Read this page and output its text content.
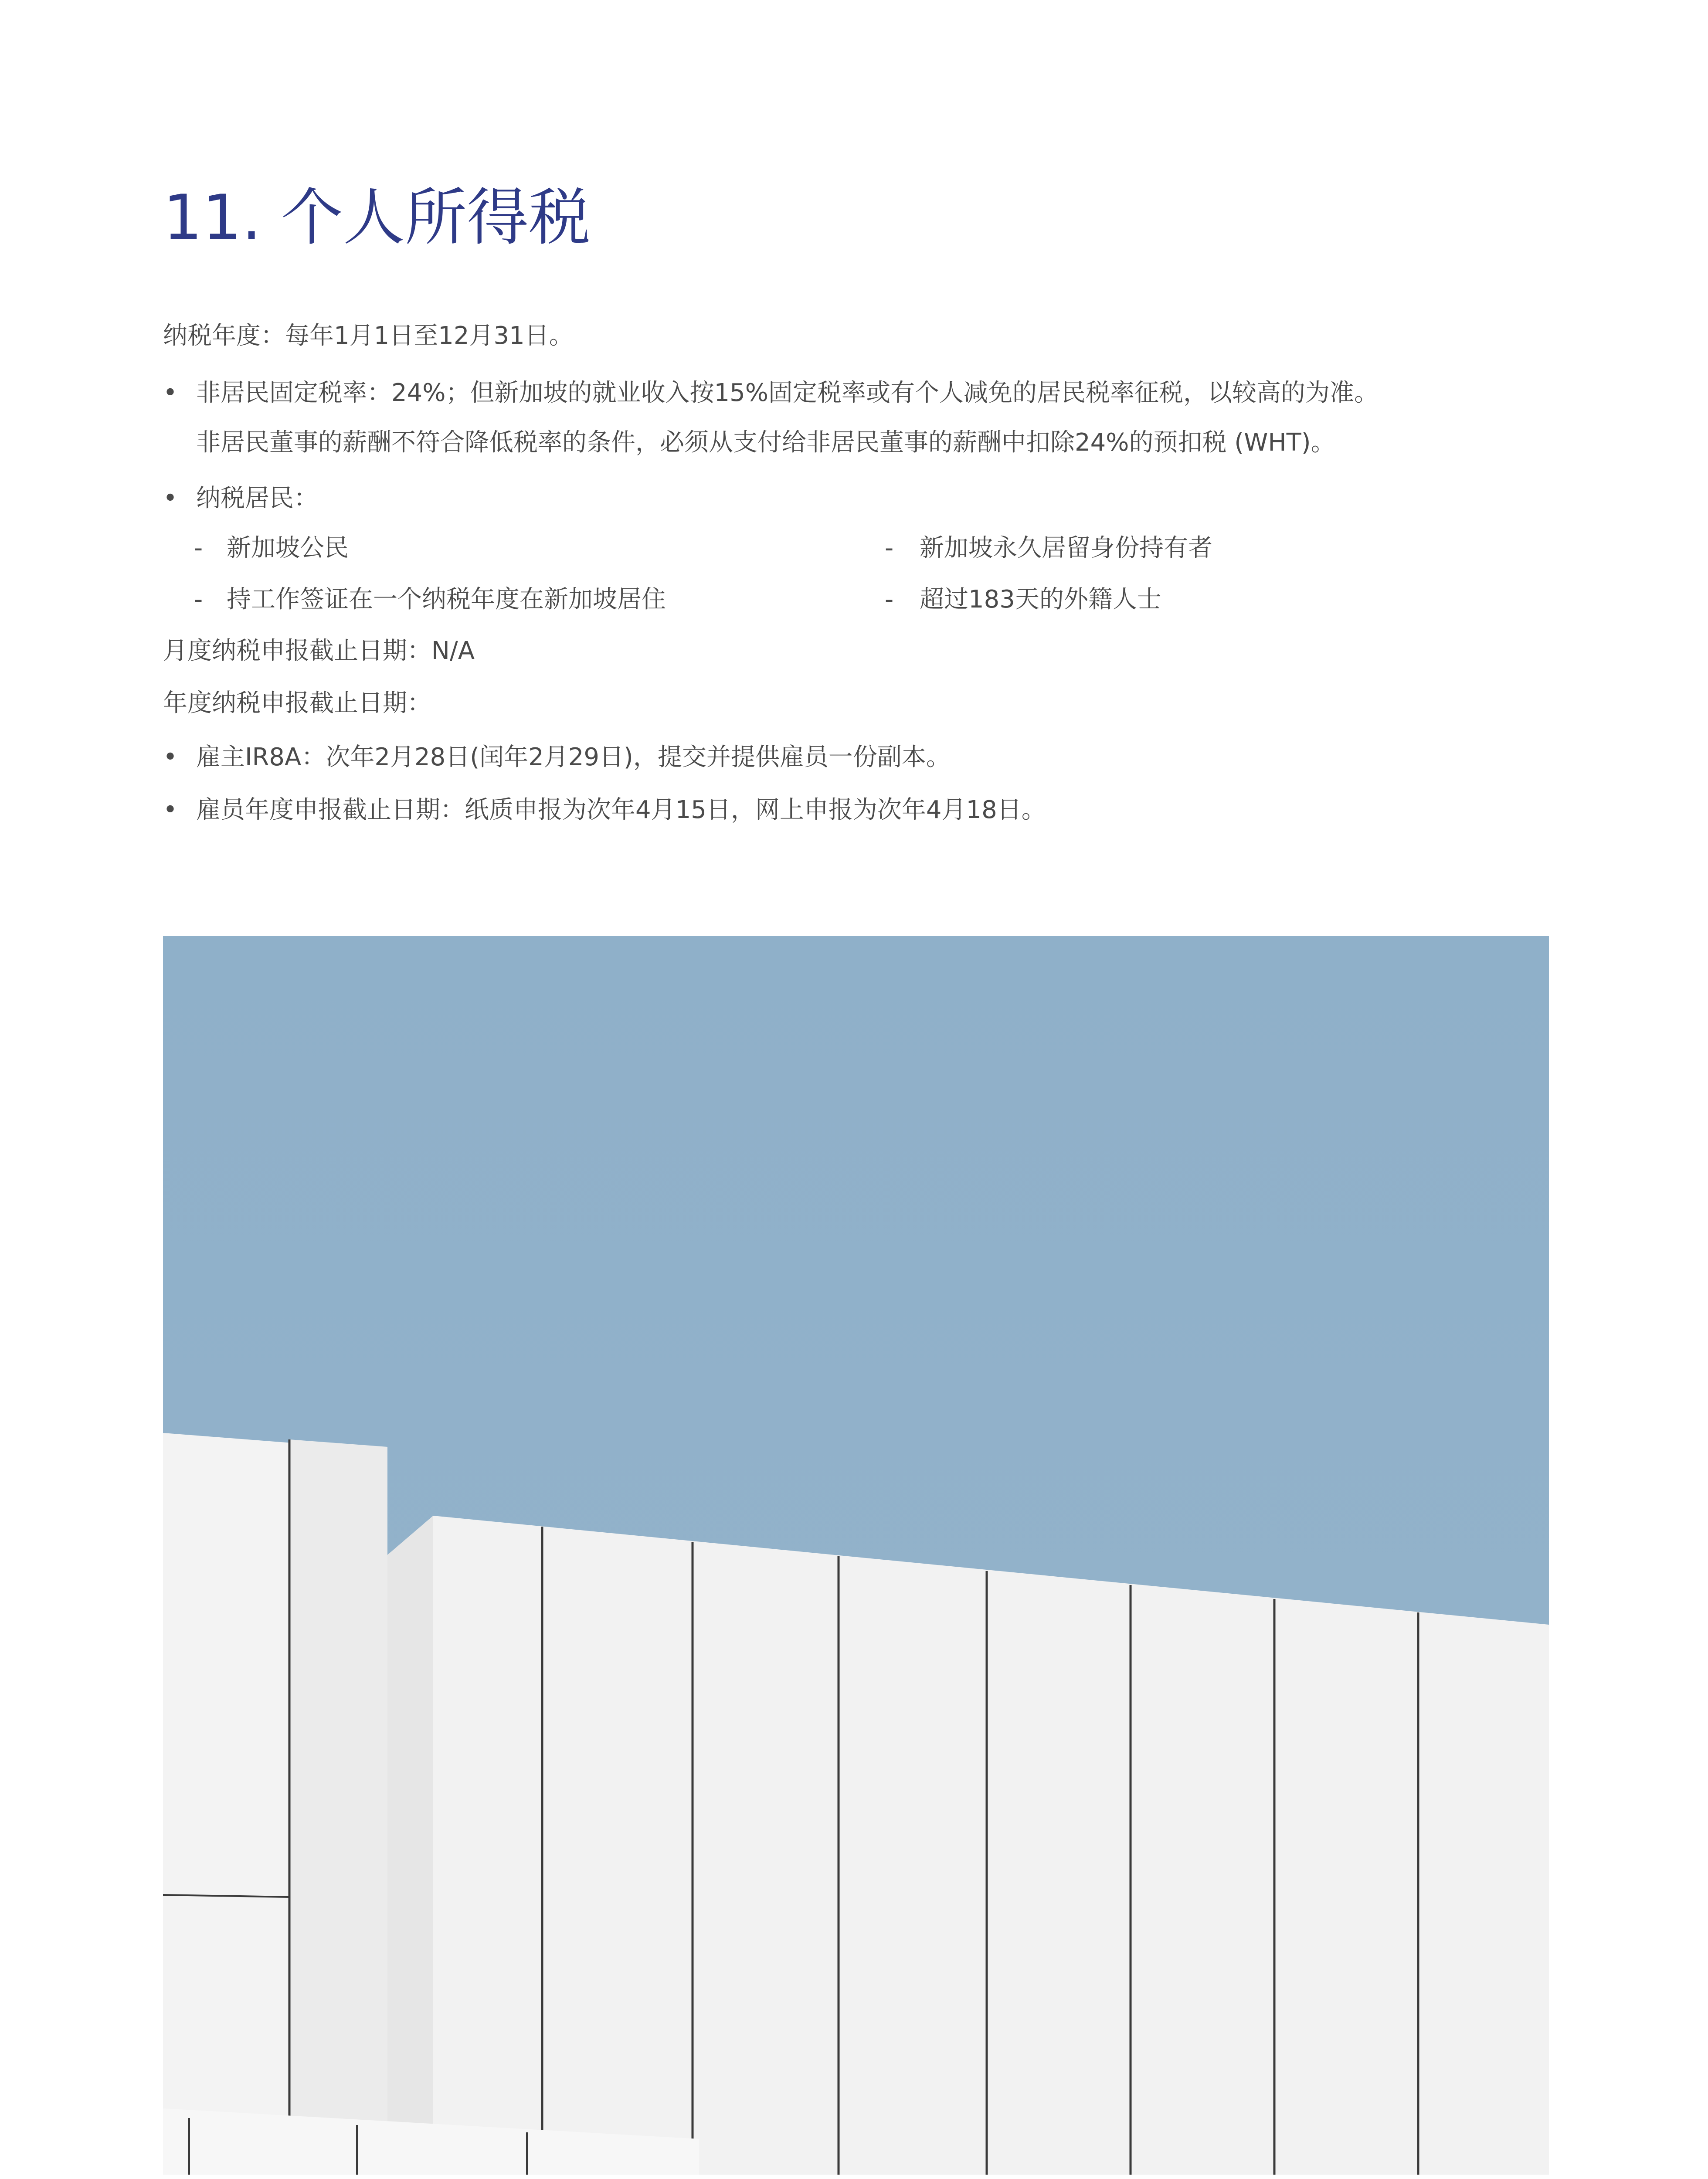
11. 个人所得税

纳税年度：每年1月1日至12月31日。

• 非居民固定税率：24%；但新加坡的就业收入按15%固定税率或有个人减免的居民税率征税，以较高的为准。

非居民董事的薪酬不符合降低税率的条件，必须从支付给非居民董事的薪酬中扣除24%的预扣税 (WHT)。

• 纳税居民：

- 新加坡公民	- 新加坡永久居留身份持有者

- 持工作签证在一个纳税年度在新加坡居住	- 超过183天的外籍人士

月度纳税申报截止日期：N/A

年度纳税申报截止日期：

• 雇主IR8A：次年2月28日(闰年2月29日)，提交并提供雇员一份副本。

• 雇员年度申报截止日期：纸质申报为次年4月15日，网上申报为次年4月18日。
